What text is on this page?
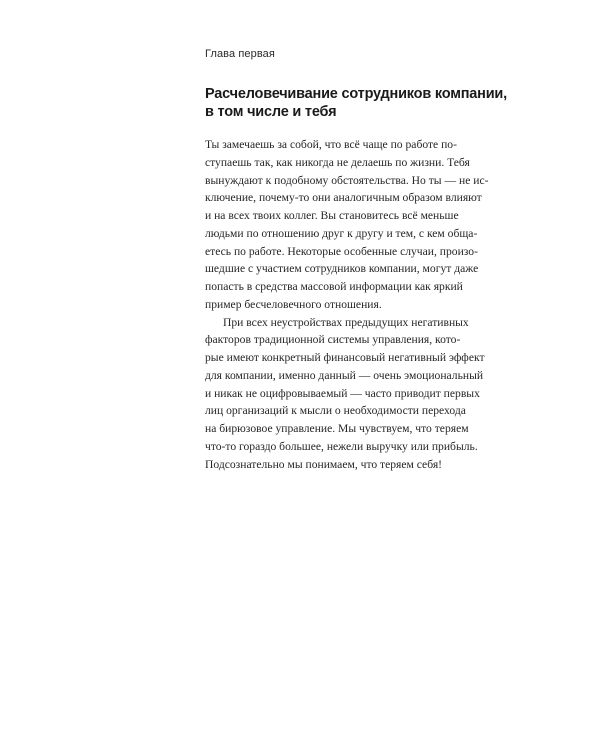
Глава первая
Расчеловечивание сотрудников компании,
в том числе и тебя

Ты замечаешь за собой, что всё чаще по работе по-
ступаешь так, как никогда не делаешь по жизни. Тебя
вынуждают к подобному обстоятельства. Но ты — не ис-
ключение, почему-то они аналогичным образом влияют
и на всех твоих коллег. Вы становитесь всё меньше
людьми по отношению друг к другу и тем, с кем обща-
етесь по работе. Некоторые особенные случаи, произо-
шедшие с участием сотрудников компании, могут даже
попасть в средства массовой информации как яркий
пример бесчеловечного отношения.

При всех неустройствах предыдущих негативных
факторов традиционной системы управления, кото-
рые имеют конкретный финансовый негативный эффект
для компании, именно данный — очень эмоциональный
и никак не оцифровываемый — часто приводит первых
лиц организаций к мысли о необходимости перехода
на бирюзовое управление. Мы чувствуем, что теряем
что-то гораздо большее, нежели выручку или прибыль.
Подсознательно мы понимаем, что теряем себя!
